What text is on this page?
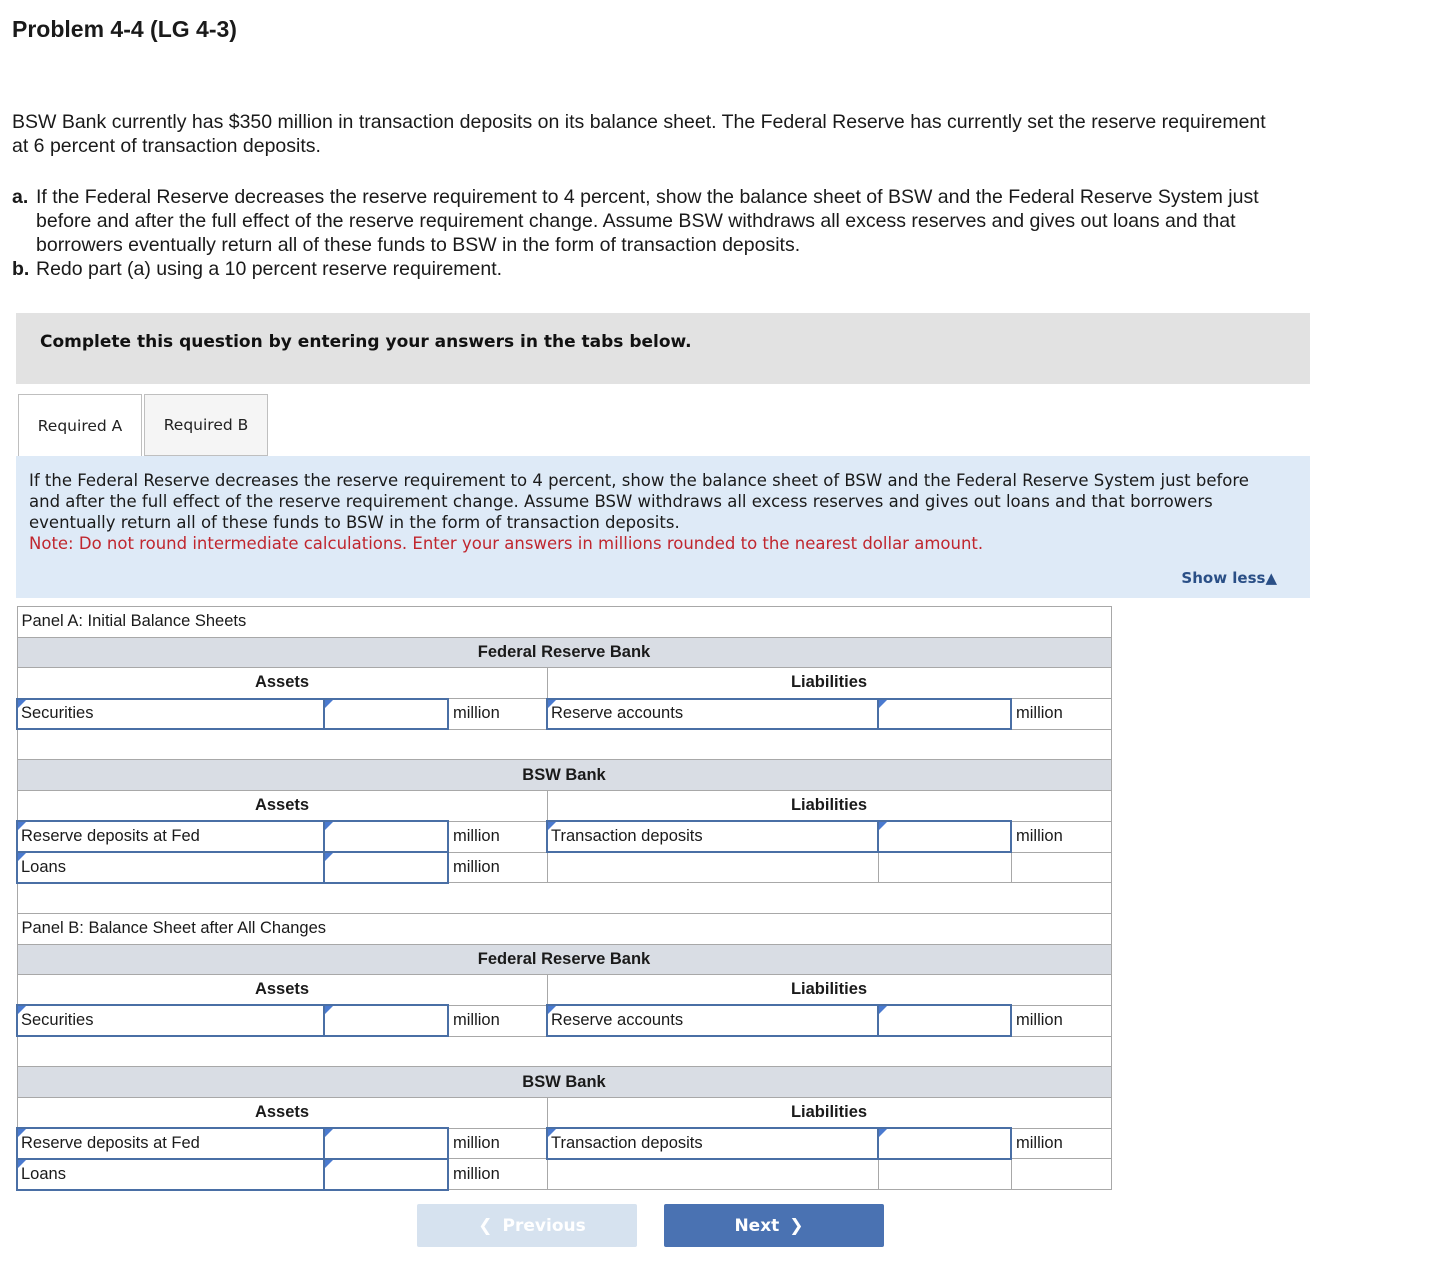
Problem 4-4 (LG 4-3)
BSW Bank currently has $350 million in transaction deposits on its balance sheet. The Federal Reserve has currently set the reserve requirement at 6 percent of transaction deposits.
a. If the Federal Reserve decreases the reserve requirement to 4 percent, show the balance sheet of BSW and the Federal Reserve System just before and after the full effect of the reserve requirement change. Assume BSW withdraws all excess reserves and gives out loans and that borrowers eventually return all of these funds to BSW in the form of transaction deposits.
b. Redo part (a) using a 10 percent reserve requirement.
Complete this question by entering your answers in the tabs below.
Required A	Required B
If the Federal Reserve decreases the reserve requirement to 4 percent, show the balance sheet of BSW and the Federal Reserve System just before and after the full effect of the reserve requirement change. Assume BSW withdraws all excess reserves and gives out loans and that borrowers eventually return all of these funds to BSW in the form of transaction deposits.
Note: Do not round intermediate calculations. Enter your answers in millions rounded to the nearest dollar amount.
Show less▲
Panel A: Initial Balance Sheets					
Federal Reserve Bank					
Assets			Liabilities		

Securities		million	Reserve accounts		million

BSW Bank					
Assets			Liabilities		

Reserve deposits at Fed		million	Transaction deposits		million

Loans		million			

Panel B: Balance Sheet after All Changes					
Federal Reserve Bank					
Assets			Liabilities		

Securities		million	Reserve accounts		million

BSW Bank					
Assets			Liabilities		

Reserve deposits at Fed		million	Transaction deposits		million

Loans		million			
❮ Previous	Next ❯
